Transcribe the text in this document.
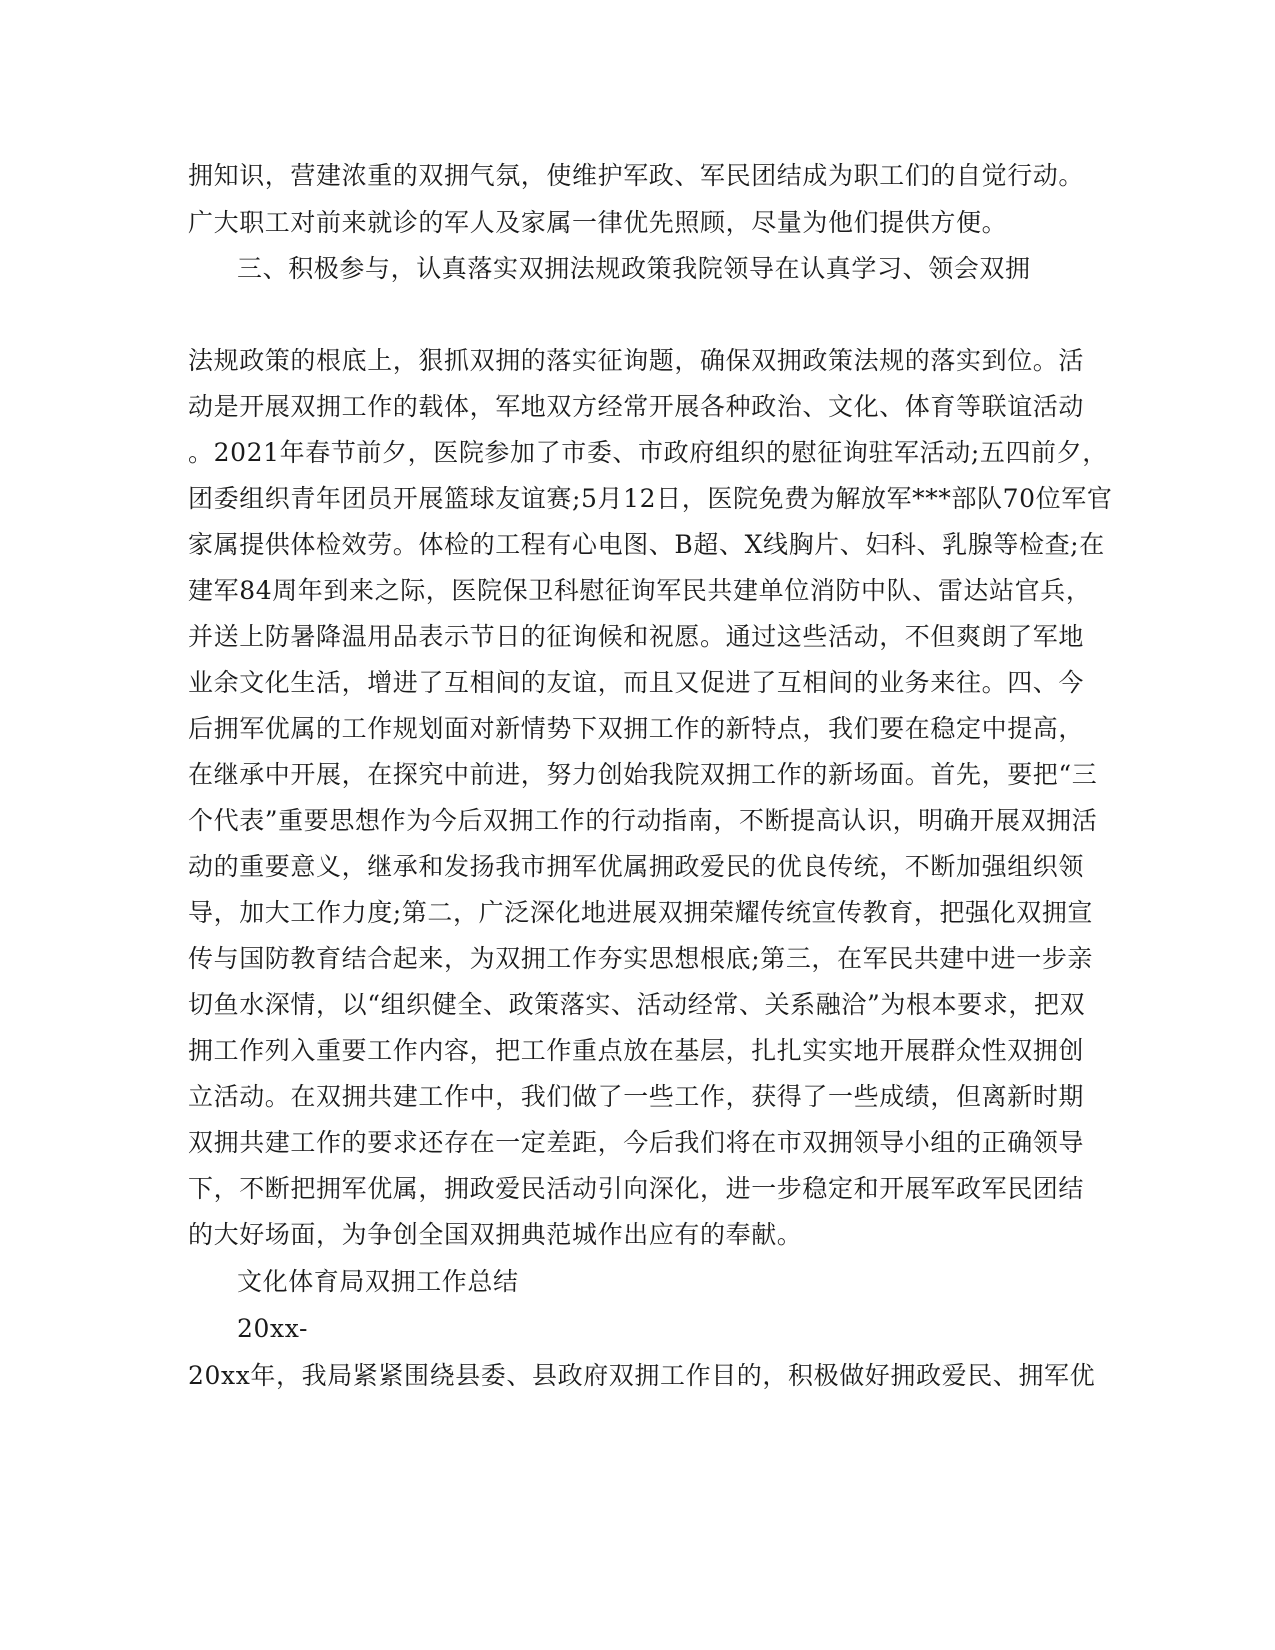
拥知识，营建浓重的双拥气氛，使维护军政、军民团结成为职工们的自觉行动。
广大职工对前来就诊的军人及家属一律优先照顾，尽量为他们提供方便。
三、积极参与，认真落实双拥法规政策我院领导在认真学习、领会双拥
法规政策的根底上，狠抓双拥的落实征询题，确保双拥政策法规的落实到位。活
动是开展双拥工作的载体，军地双方经常开展各种政治、文化、体育等联谊活动
。2021年春节前夕，医院参加了市委、市政府组织的慰征询驻军活动;五四前夕，
团委组织青年团员开展篮球友谊赛;5月12日，医院免费为解放军***部队70位军官
家属提供体检效劳。体检的工程有心电图、B超、X线胸片、妇科、乳腺等检查;在
建军84周年到来之际，医院保卫科慰征询军民共建单位消防中队、雷达站官兵，
并送上防暑降温用品表示节日的征询候和祝愿。通过这些活动，不但爽朗了军地
业余文化生活，增进了互相间的友谊，而且又促进了互相间的业务来往。四、今
后拥军优属的工作规划面对新情势下双拥工作的新特点，我们要在稳定中提高，
在继承中开展，在探究中前进，努力创始我院双拥工作的新场面。首先，要把“三
个代表”重要思想作为今后双拥工作的行动指南，不断提高认识，明确开展双拥活
动的重要意义，继承和发扬我市拥军优属拥政爱民的优良传统，不断加强组织领
导，加大工作力度;第二，广泛深化地进展双拥荣耀传统宣传教育，把强化双拥宣
传与国防教育结合起来，为双拥工作夯实思想根底;第三，在军民共建中进一步亲
切鱼水深情，以“组织健全、政策落实、活动经常、关系融洽”为根本要求，把双
拥工作列入重要工作内容，把工作重点放在基层，扎扎实实地开展群众性双拥创
立活动。在双拥共建工作中，我们做了一些工作，获得了一些成绩，但离新时期
双拥共建工作的要求还存在一定差距，今后我们将在市双拥领导小组的正确领导
下，不断把拥军优属，拥政爱民活动引向深化，进一步稳定和开展军政军民团结
的大好场面，为争创全国双拥典范城作出应有的奉献。
文化体育局双拥工作总结
20xx-
20xx年，我局紧紧围绕县委、县政府双拥工作目的，积极做好拥政爱民、拥军优
